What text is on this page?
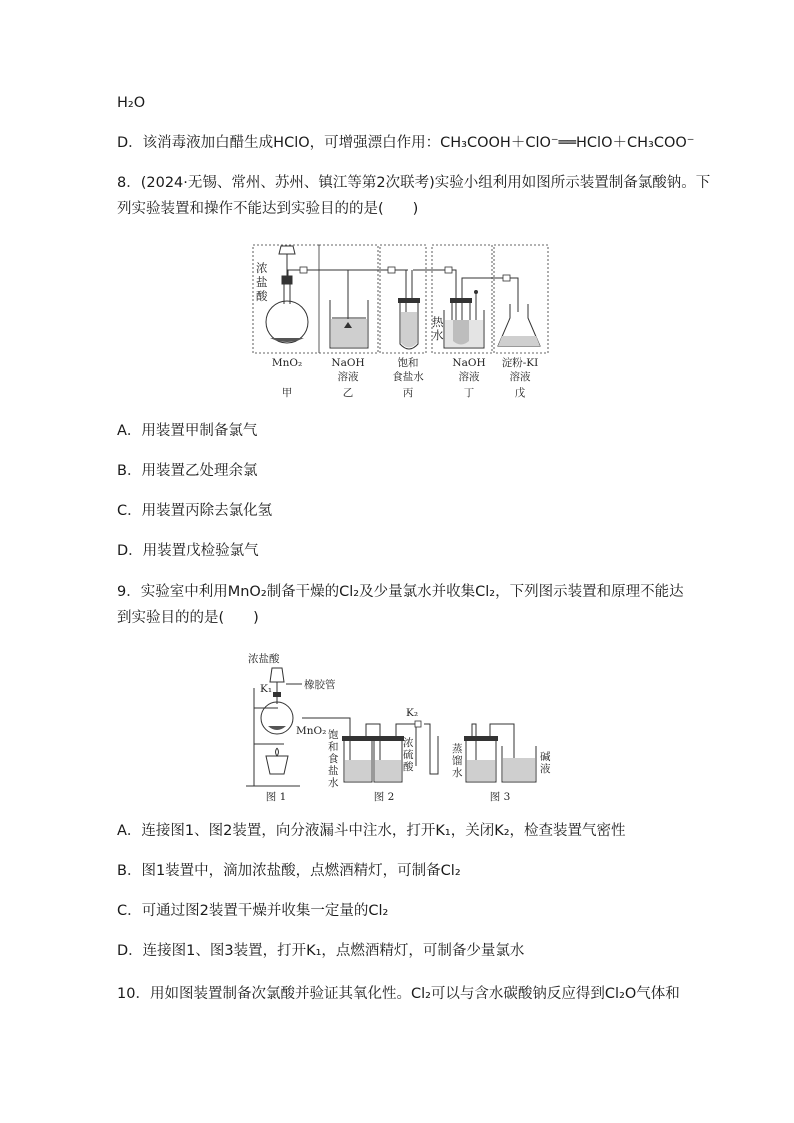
H₂O
D．该消毒液加白醋生成HClO，可增强漂白作用：CH₃COOH＋ClO⁻══HClO＋CH₃COO⁻
8．(2024·无锡、常州、苏州、镇江等第2次联考)实验小组利用如图所示装置制备氯酸钠。下
列实验装置和操作不能达到实验目的的是(　　)
浓
盐
酸
热
水
MnO₂	NaOH
溶液
饱和
食盐水
NaOH
溶液
淀粉-KI
溶液
甲	乙	丙	丁	戊
A．用装置甲制备氯气
B．用装置乙处理余氯
C．用装置丙除去氯化氢
D．用装置戊检验氯气
9．实验室中利用MnO₂制备干燥的Cl₂及少量氯水并收集Cl₂，下列图示装置和原理不能达
到实验目的的是(　　)
浓盐酸
橡胶管
K₁
MnO₂
K₂
饱
和
食
盐
水
浓
硫
酸
蒸
馏
水
碱
液
图 1	图 2	图 3
A．连接图1、图2装置，向分液漏斗中注水，打开K₁，关闭K₂，检查装置气密性
B．图1装置中，滴加浓盐酸，点燃酒精灯，可制备Cl₂
C．可通过图2装置干燥并收集一定量的Cl₂
D．连接图1、图3装置，打开K₁，点燃酒精灯，可制备少量氯水
10．用如图装置制备次氯酸并验证其氧化性。Cl₂可以与含水碳酸钠反应得到Cl₂O气体和
